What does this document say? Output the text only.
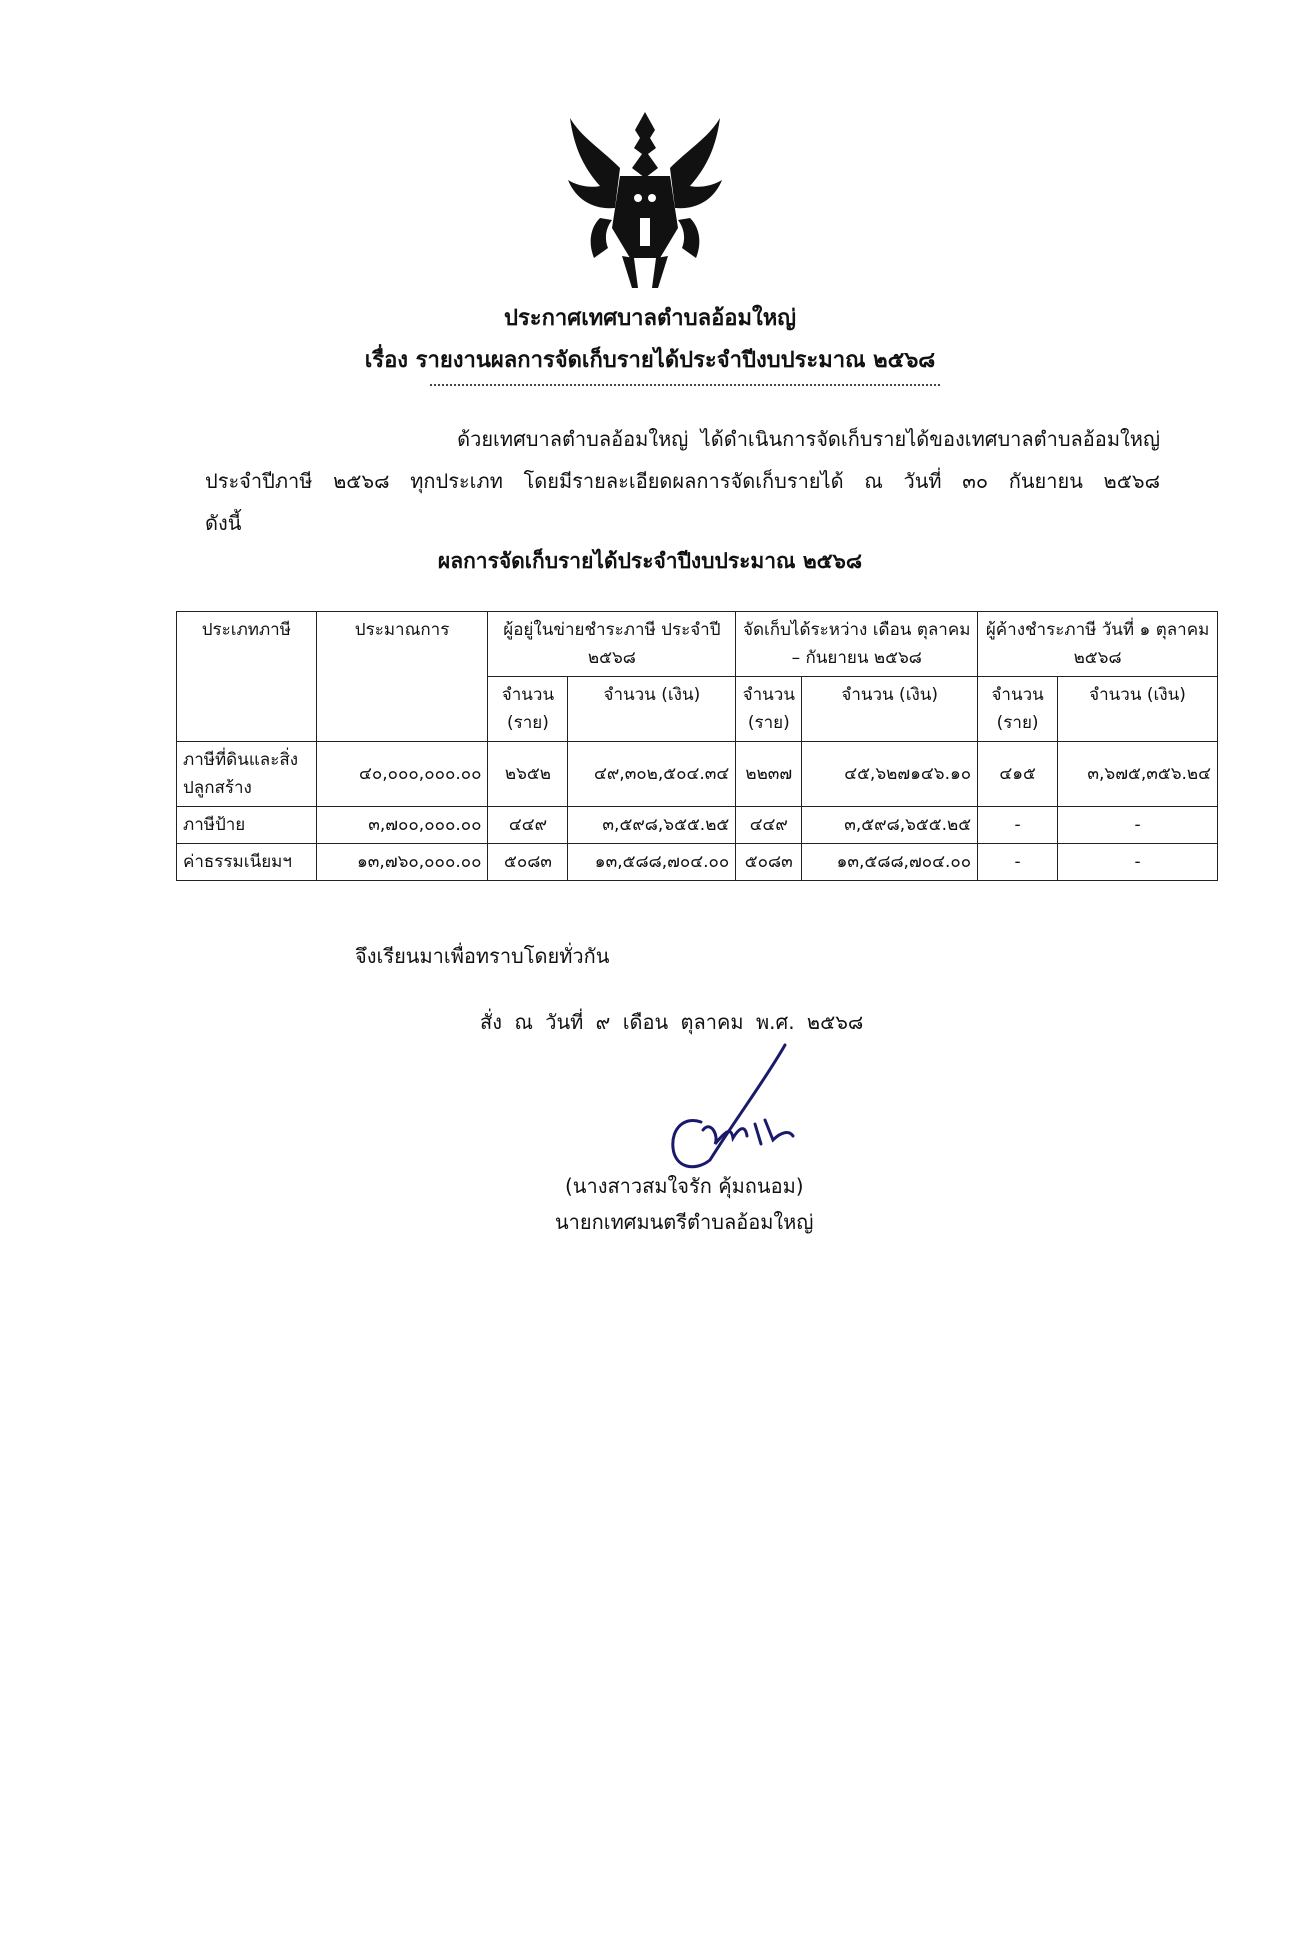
ประกาศเทศบาลตำบลอ้อมใหญ่
เรื่อง รายงานผลการจัดเก็บรายได้ประจำปีงบประมาณ ๒๕๖๘
ด้วยเทศบาลตำบลอ้อมใหญ่ ได้ดำเนินการจัดเก็บรายได้ของเทศบาลตำบลอ้อมใหญ่
ประจำปีภาษี ๒๕๖๘ ทุกประเภท โดยมีรายละเอียดผลการจัดเก็บรายได้ ณ วันที่ ๓๐ กันยายน ๒๕๖๘
ดังนี้
ผลการจัดเก็บรายได้ประจำปีงบประมาณ ๒๕๖๘
ประเภทภาษี	ประมาณการ	ผู้อยู่ในข่ายชำระภาษี ประจำปี ๒๕๖๘		จัดเก็บได้ระหว่าง เดือน ตุลาคม – กันยายน ๒๕๖๘		ผู้ค้างชำระภาษี วันที่ ๑ ตุลาคม ๒๕๖๘	
		จำนวน (ราย)	จำนวน (เงิน)	จำนวน (ราย)	จำนวน (เงิน)	จำนวน (ราย)	จำนวน (เงิน)
ภาษีที่ดินและสิ่งปลูกสร้าง	๔๐,๐๐๐,๐๐๐.๐๐	๒๖๕๒	๔๙,๓๐๒,๕๐๔.๓๔	๒๒๓๗	๔๕,๖๒๗๑๔๖.๑๐	๔๑๕	๓,๖๗๕,๓๕๖.๒๔
ภาษีป้าย	๓,๗๐๐,๐๐๐.๐๐	๔๔๙	๓,๕๙๘,๖๕๕.๒๕	๔๔๙	๓,๕๙๘,๖๕๕.๒๕	-	-
ค่าธรรมเนียมฯ	๑๓,๗๖๐,๐๐๐.๐๐	๕๐๘๓	๑๓,๕๘๘,๗๐๔.๐๐	๕๐๘๓	๑๓,๕๘๘,๗๐๔.๐๐	-	-
จึงเรียนมาเพื่อทราบโดยทั่วกัน
สั่ง ณ วันที่ ๙ เดือน ตุลาคม พ.ศ. ๒๕๖๘
(นางสาวสมใจรัก คุ้มถนอม)
นายกเทศมนตรีตำบลอ้อมใหญ่
